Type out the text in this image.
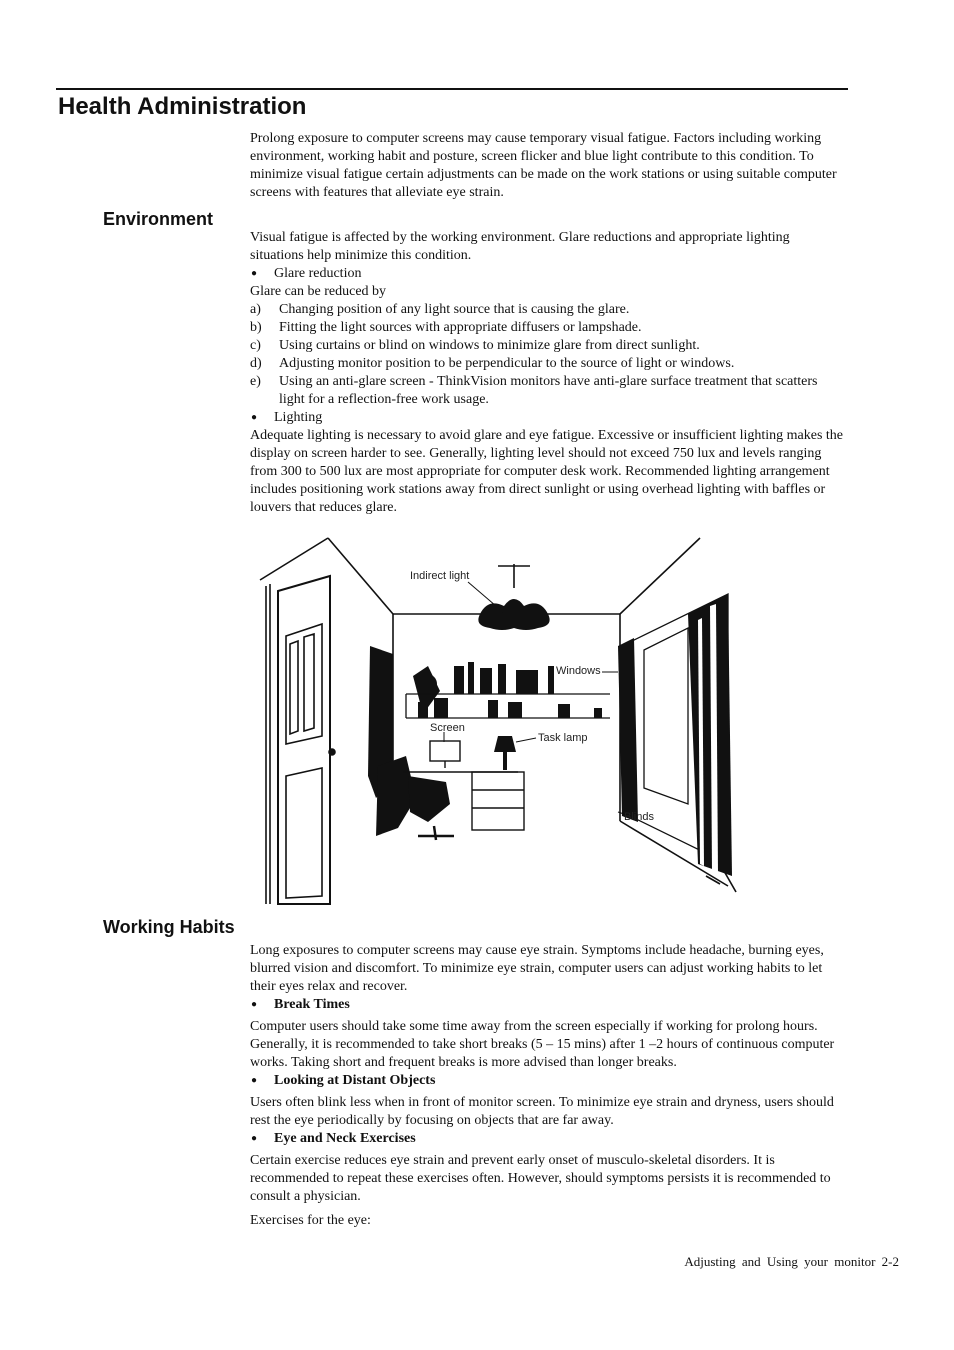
Health Administration

Prolong exposure to computer screens may cause temporary visual fatigue. Factors including working environment, working habit and posture, screen flicker and blue light contribute to this condition. To minimize visual fatigue certain adjustments can be made on the work stations or using suitable computer screens with features that alleviate eye strain.

Environment

Visual fatigue is affected by the working environment. Glare reductions and appropriate lighting situations help minimize this condition.

●	Glare reduction

Glare can be reduced by

a)	Changing position of any light source that is causing the glare.
b)	Fitting the light sources with appropriate diffusers or lampshade.
c)	Using curtains or blind on windows to minimize glare from direct sunlight.
d)	Adjusting monitor position to be perpendicular to the source of light or windows.
e)	Using an anti-glare screen - ThinkVision monitors have anti-glare surface treatment that scatters light for a reflection-free work usage.
●	Lighting

Adequate lighting is necessary to avoid glare and eye fatigue. Excessive or insufficient lighting makes the display on screen harder to see. Generally, lighting level should not exceed 750 lux and levels ranging from 300 to 500 lux are most appropriate for computer desk work. Recommended lighting arrangement includes positioning work stations away from direct sunlight or using overhead lighting with baffles or louvers that reduces glare.

Indirect light
Windows
Screen
Task lamp
Blinds
Working Habits

Long exposures to computer screens may cause eye strain. Symptoms include headache, burning eyes, blurred vision and discomfort. To minimize eye strain, computer users can adjust working habits to let their eyes relax and recover.

●	Break Times

Computer users should take some time away from the screen especially if working for prolong hours. Generally, it is recommended to take short breaks (5 – 15 mins) after 1 –2 hours of continuous computer works. Taking short and frequent breaks is more advised than longer breaks.

●	Looking at Distant Objects

Users often blink less when in front of monitor screen. To minimize eye strain and dryness, users should rest the eye periodically by focusing on objects that are far away.

●	Eye and Neck Exercises

Certain exercise reduces eye strain and prevent early onset of musculo-skeletal disorders. It is recommended to repeat these exercises often. However, should symptoms persists it is recommended to consult a physician.

Exercises for the eye:

Adjusting and Using your monitor 2-2
